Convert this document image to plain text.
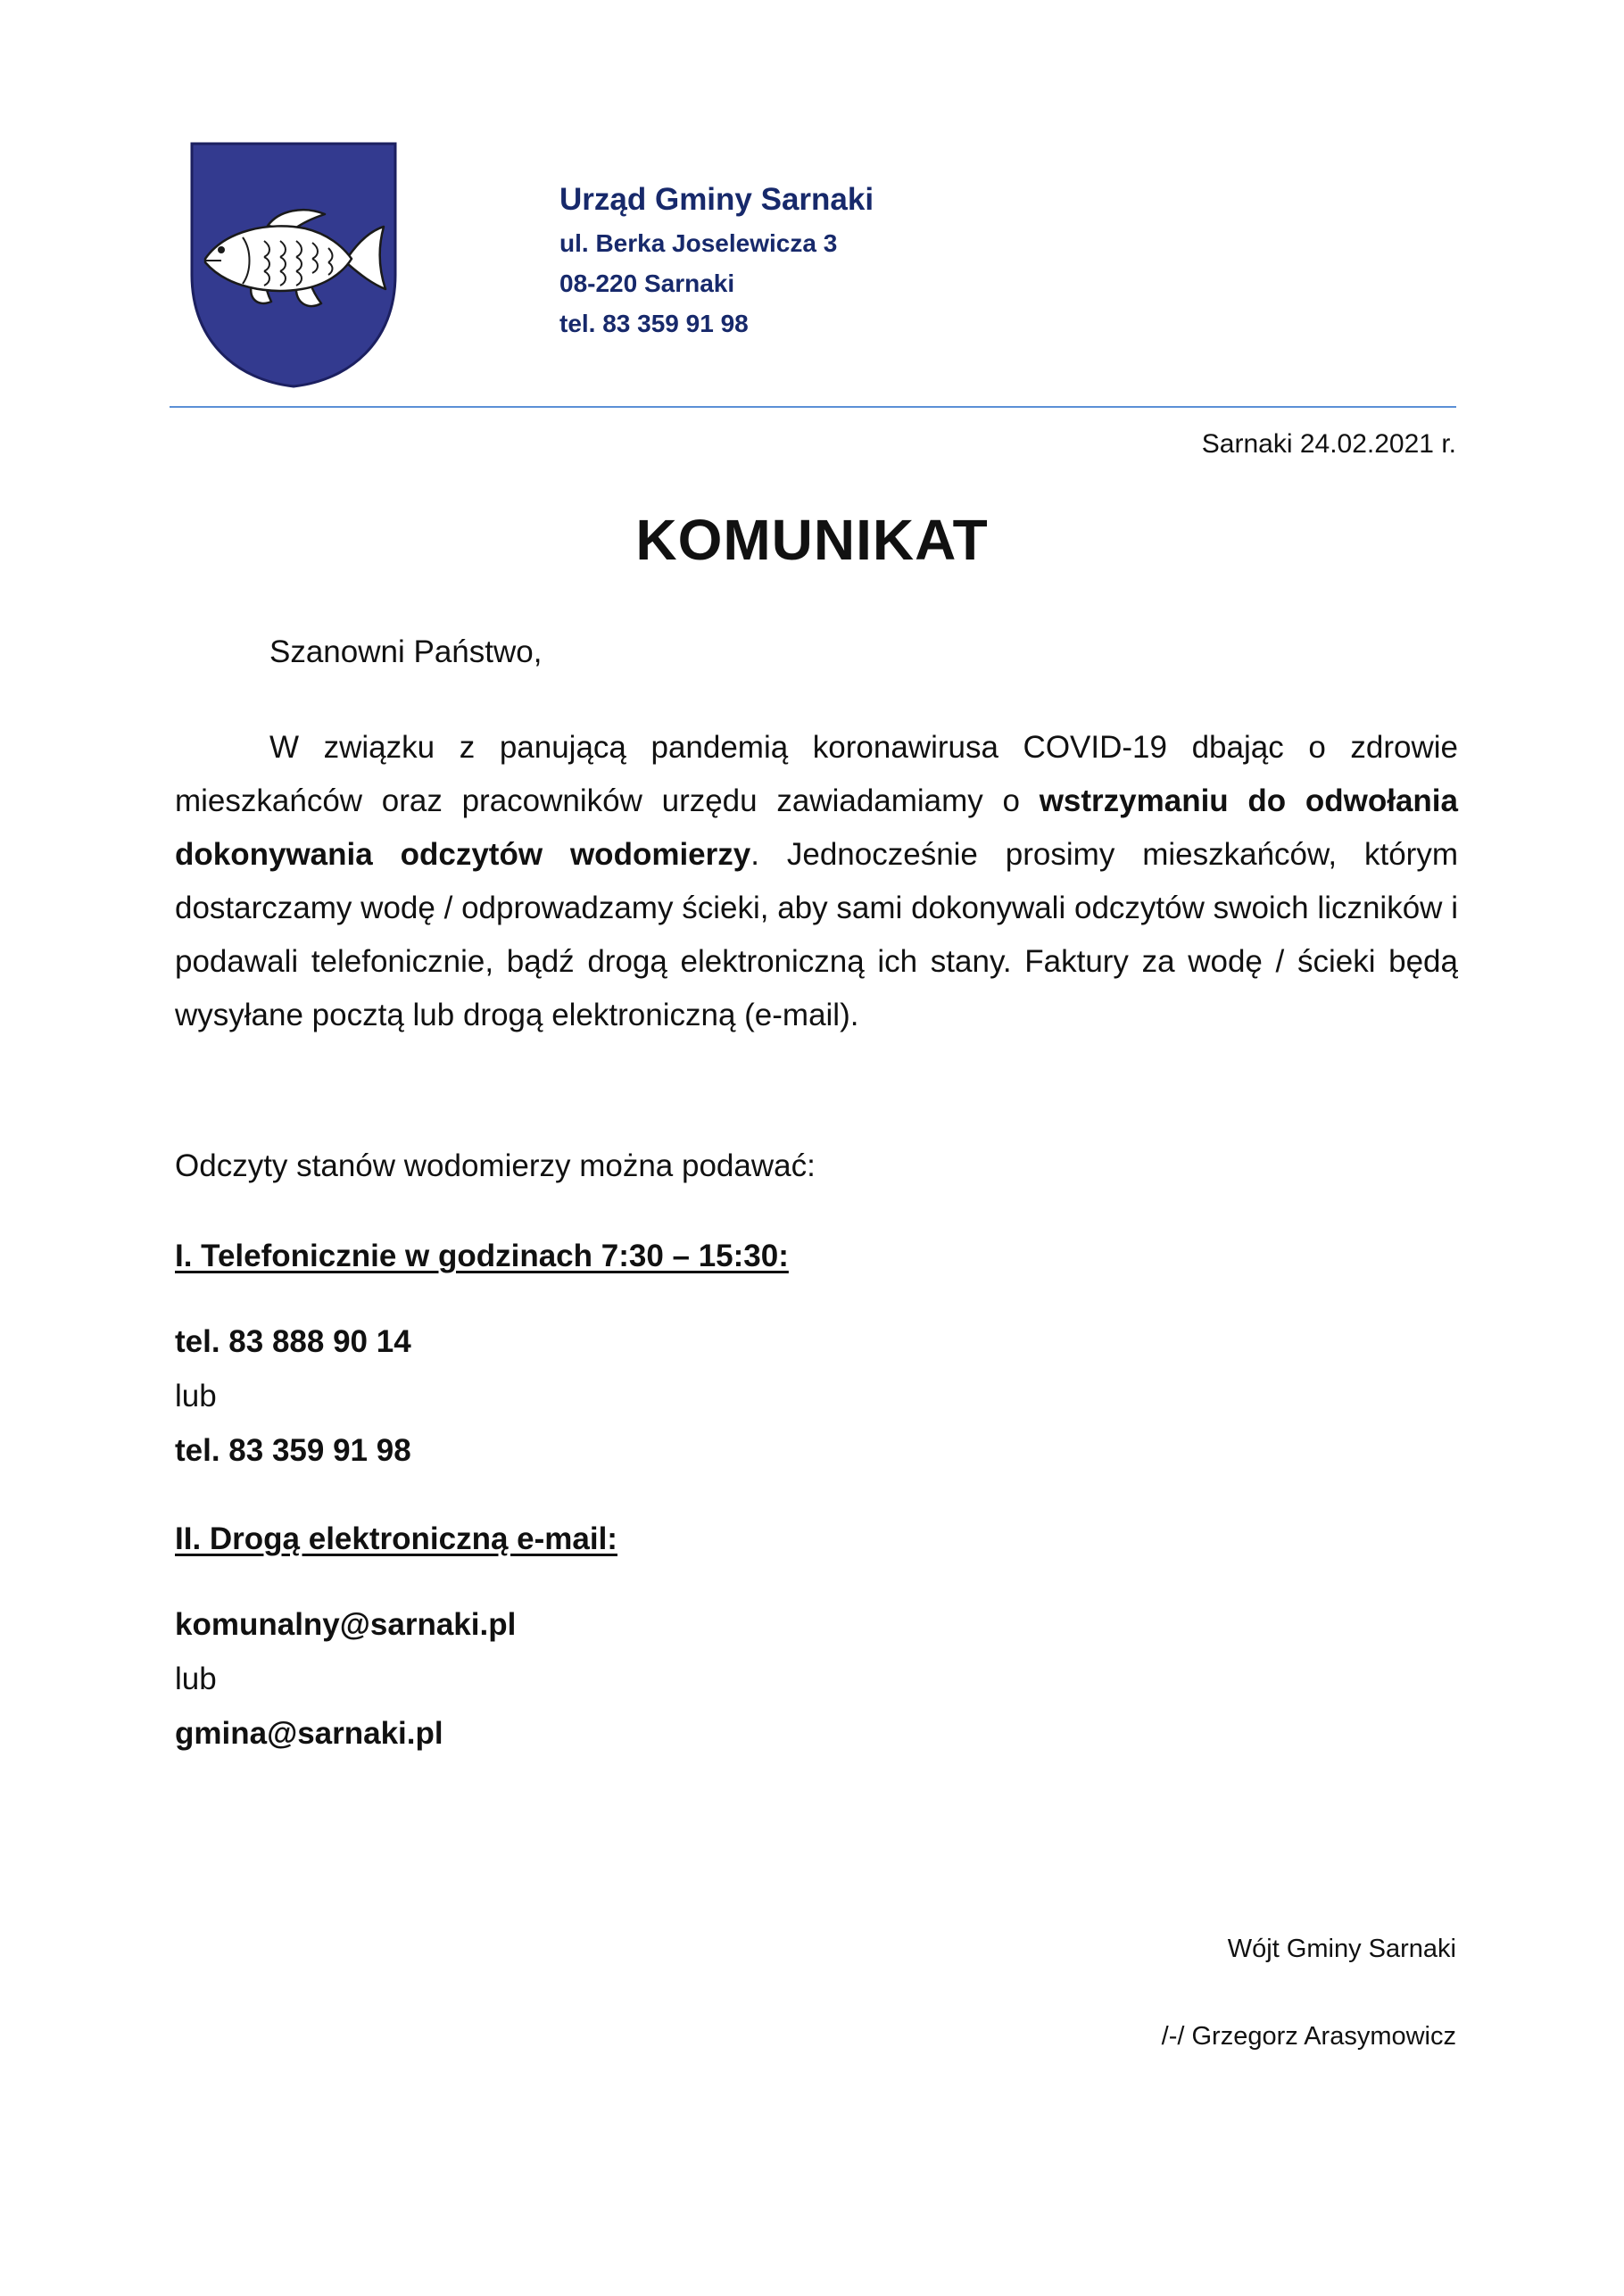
Urząd Gminy Sarnaki
ul. Berka Joselewicza 3
08-220 Sarnaki
tel. 83 359 91 98
Sarnaki 24.02.2021 r.
KOMUNIKAT
Szanowni Państwo,

W związku z panującą pandemią koronawirusa COVID-19 dbając o zdrowie mieszkańców oraz pracowników urzędu zawiadamiamy o wstrzymaniu do odwołania dokonywania odczytów wodomierzy. Jednocześnie prosimy mieszkańców, którym dostarczamy wodę / odprowadzamy ścieki, aby sami dokonywali odczytów swoich liczników i podawali telefonicznie, bądź drogą elektroniczną ich stany. Faktury za wodę / ścieki będą wysyłane pocztą lub drogą elektroniczną (e-mail).

Odczyty stanów wodomierzy można podawać:
I. Telefonicznie w godzinach 7:30 – 15:30:
tel. 83 888 90 14
lub
tel. 83 359 91 98
II. Drogą elektroniczną e-mail:
komunalny@sarnaki.pl
lub
gmina@sarnaki.pl
Wójt Gminy Sarnaki
/-/ Grzegorz Arasymowicz
